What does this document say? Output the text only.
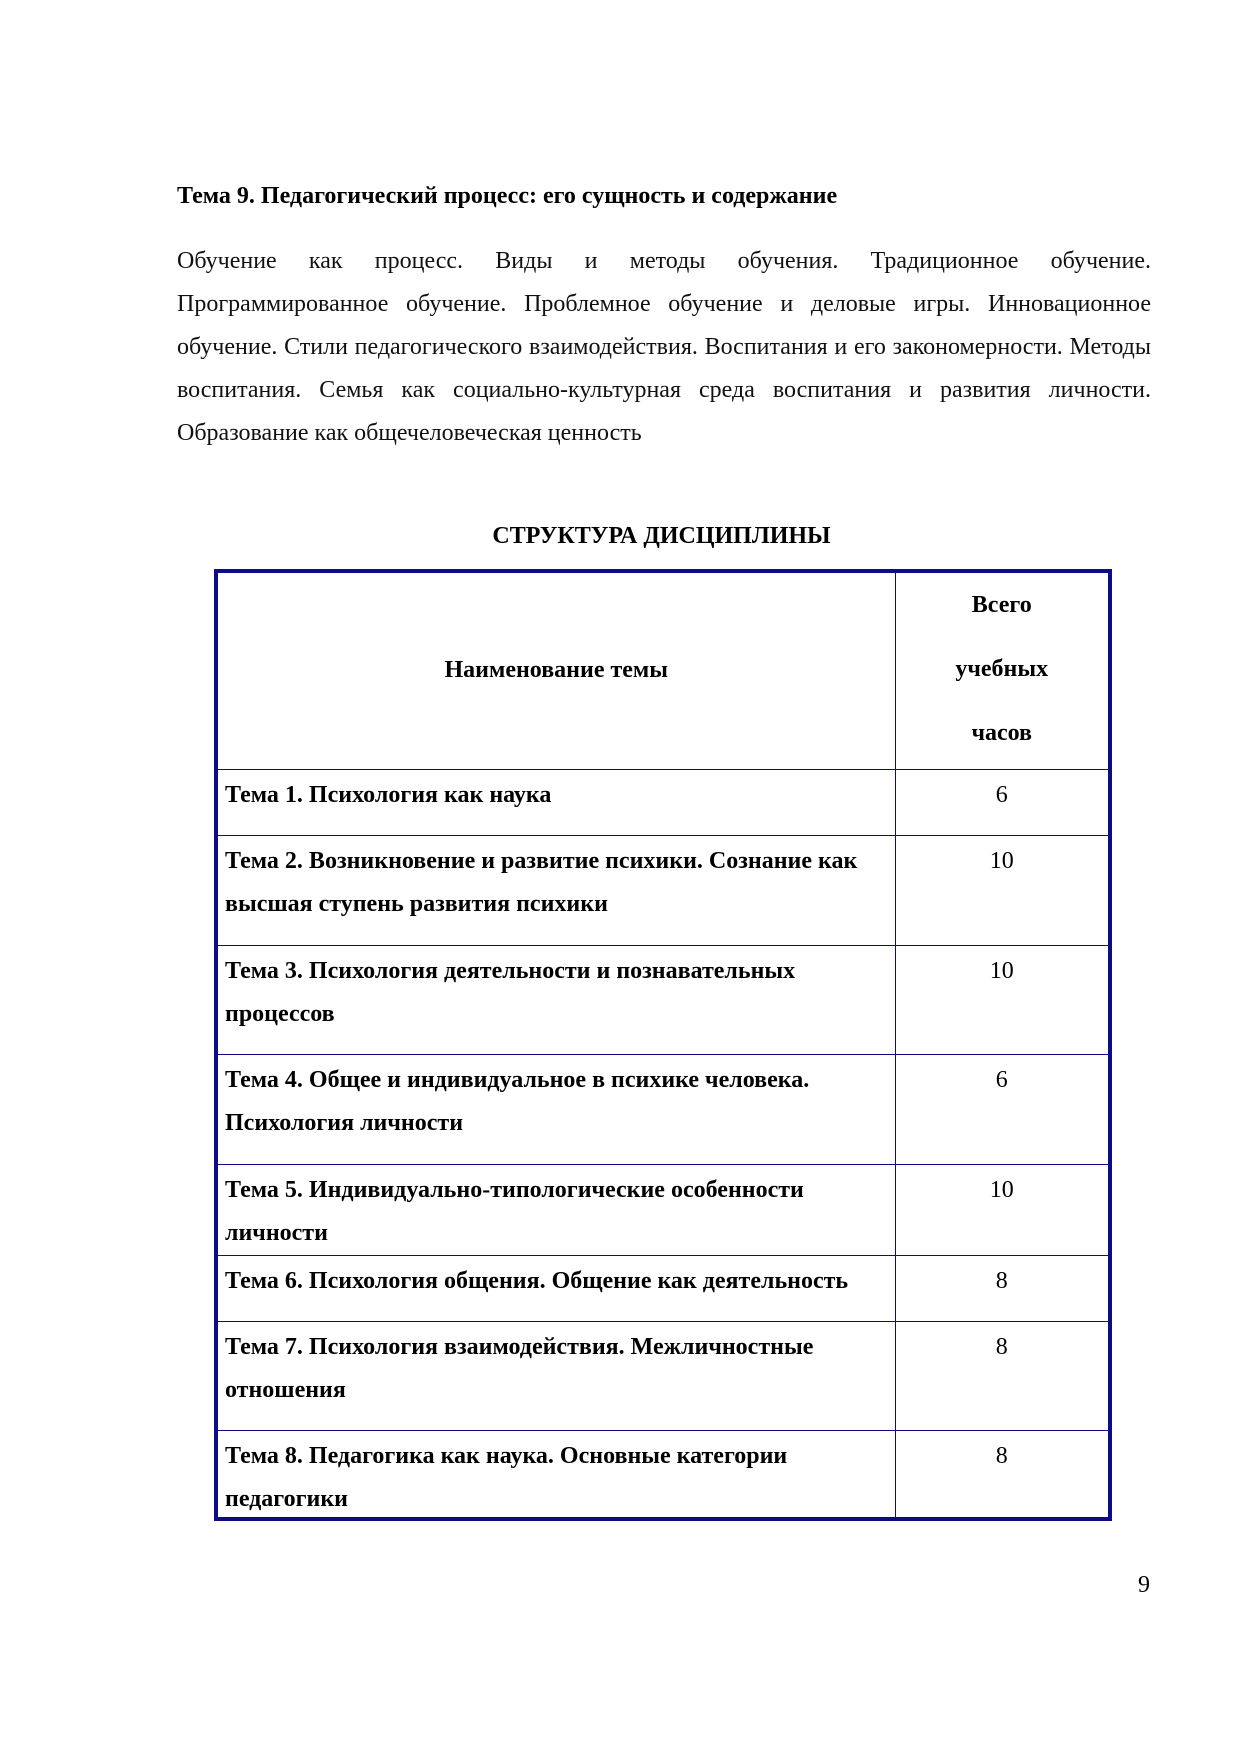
Тема 9. Педагогический процесс: его сущность и содержание
Обучение как процесс. Виды и методы обучения. Традиционное обучение. Программированное обучение. Проблемное обучение и деловые игры. Инновационное обучение. Стили педагогического взаимодействия. Воспитания и его закономерности. Методы воспитания. Семья как социально-культурная среда воспитания и развития личности. Образование как общечеловеческая ценность
СТРУКТУРА ДИСЦИПЛИНЫ
Наименование темы	Всего
учебных
часов

Тема 1. Психология как наука	6
Тема 2. Возникновение и развитие психики. Сознание как высшая ступень развития психики	10
Тема 3. Психология деятельности и познавательных процессов	10
Тема 4. Общее и индивидуальное в психике человека. Психология личности	6
Тема 5. Индивидуально-типологические особенности личности	10
Тема 6. Психология общения. Общение как деятельность	8
Тема 7. Психология взаимодействия. Межличностные отношения	8
Тема 8. Педагогика как наука. Основные категории педагогики	8
9
